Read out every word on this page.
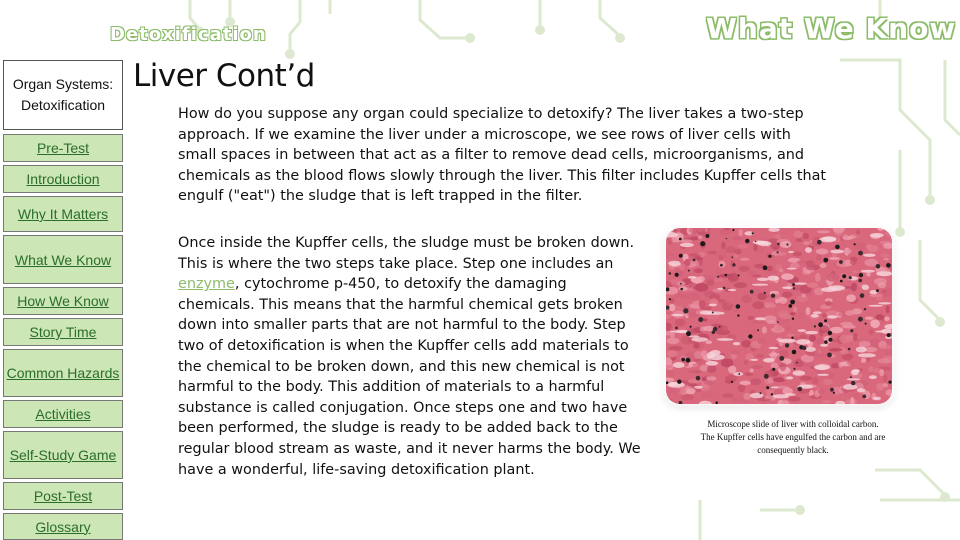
Detoxification	What We Know
Organ Systems: Detoxification
Pre-Test
Introduction
Why It Matters
What We Know
How We Know
Story Time
Common Hazards
Activities
Self-Study Game
Post-Test
Glossary
Liver Cont’d

How do you suppose any organ could specialize to detoxify? The liver takes a two-step approach. If we examine the liver under a microscope, we see rows of liver cells with small spaces in between that act as a filter to remove dead cells, microorganisms, and chemicals as the blood flows slowly through the liver. This filter includes Kupffer cells that engulf ("eat") the sludge that is left trapped in the filter.

Once inside the Kupffer cells, the sludge must be broken down. This is where the two steps take place. Step one includes an enzyme, cytochrome p-450, to detoxify the damaging chemicals. This means that the harmful chemical gets broken down into smaller parts that are not harmful to the body. Step two of detoxification is when the Kupffer cells add materials to the chemical to be broken down, and this new chemical is not harmful to the body. This addition of materials to a harmful substance is called conjugation. Once steps one and two have been performed, the sludge is ready to be added back to the regular blood stream as waste, and it never harms the body. We have a wonderful, life-saving detoxification plant.

Microscope slide of liver with colloidal carbon. The Kupffer cells have engulfed the carbon and are consequently black.
